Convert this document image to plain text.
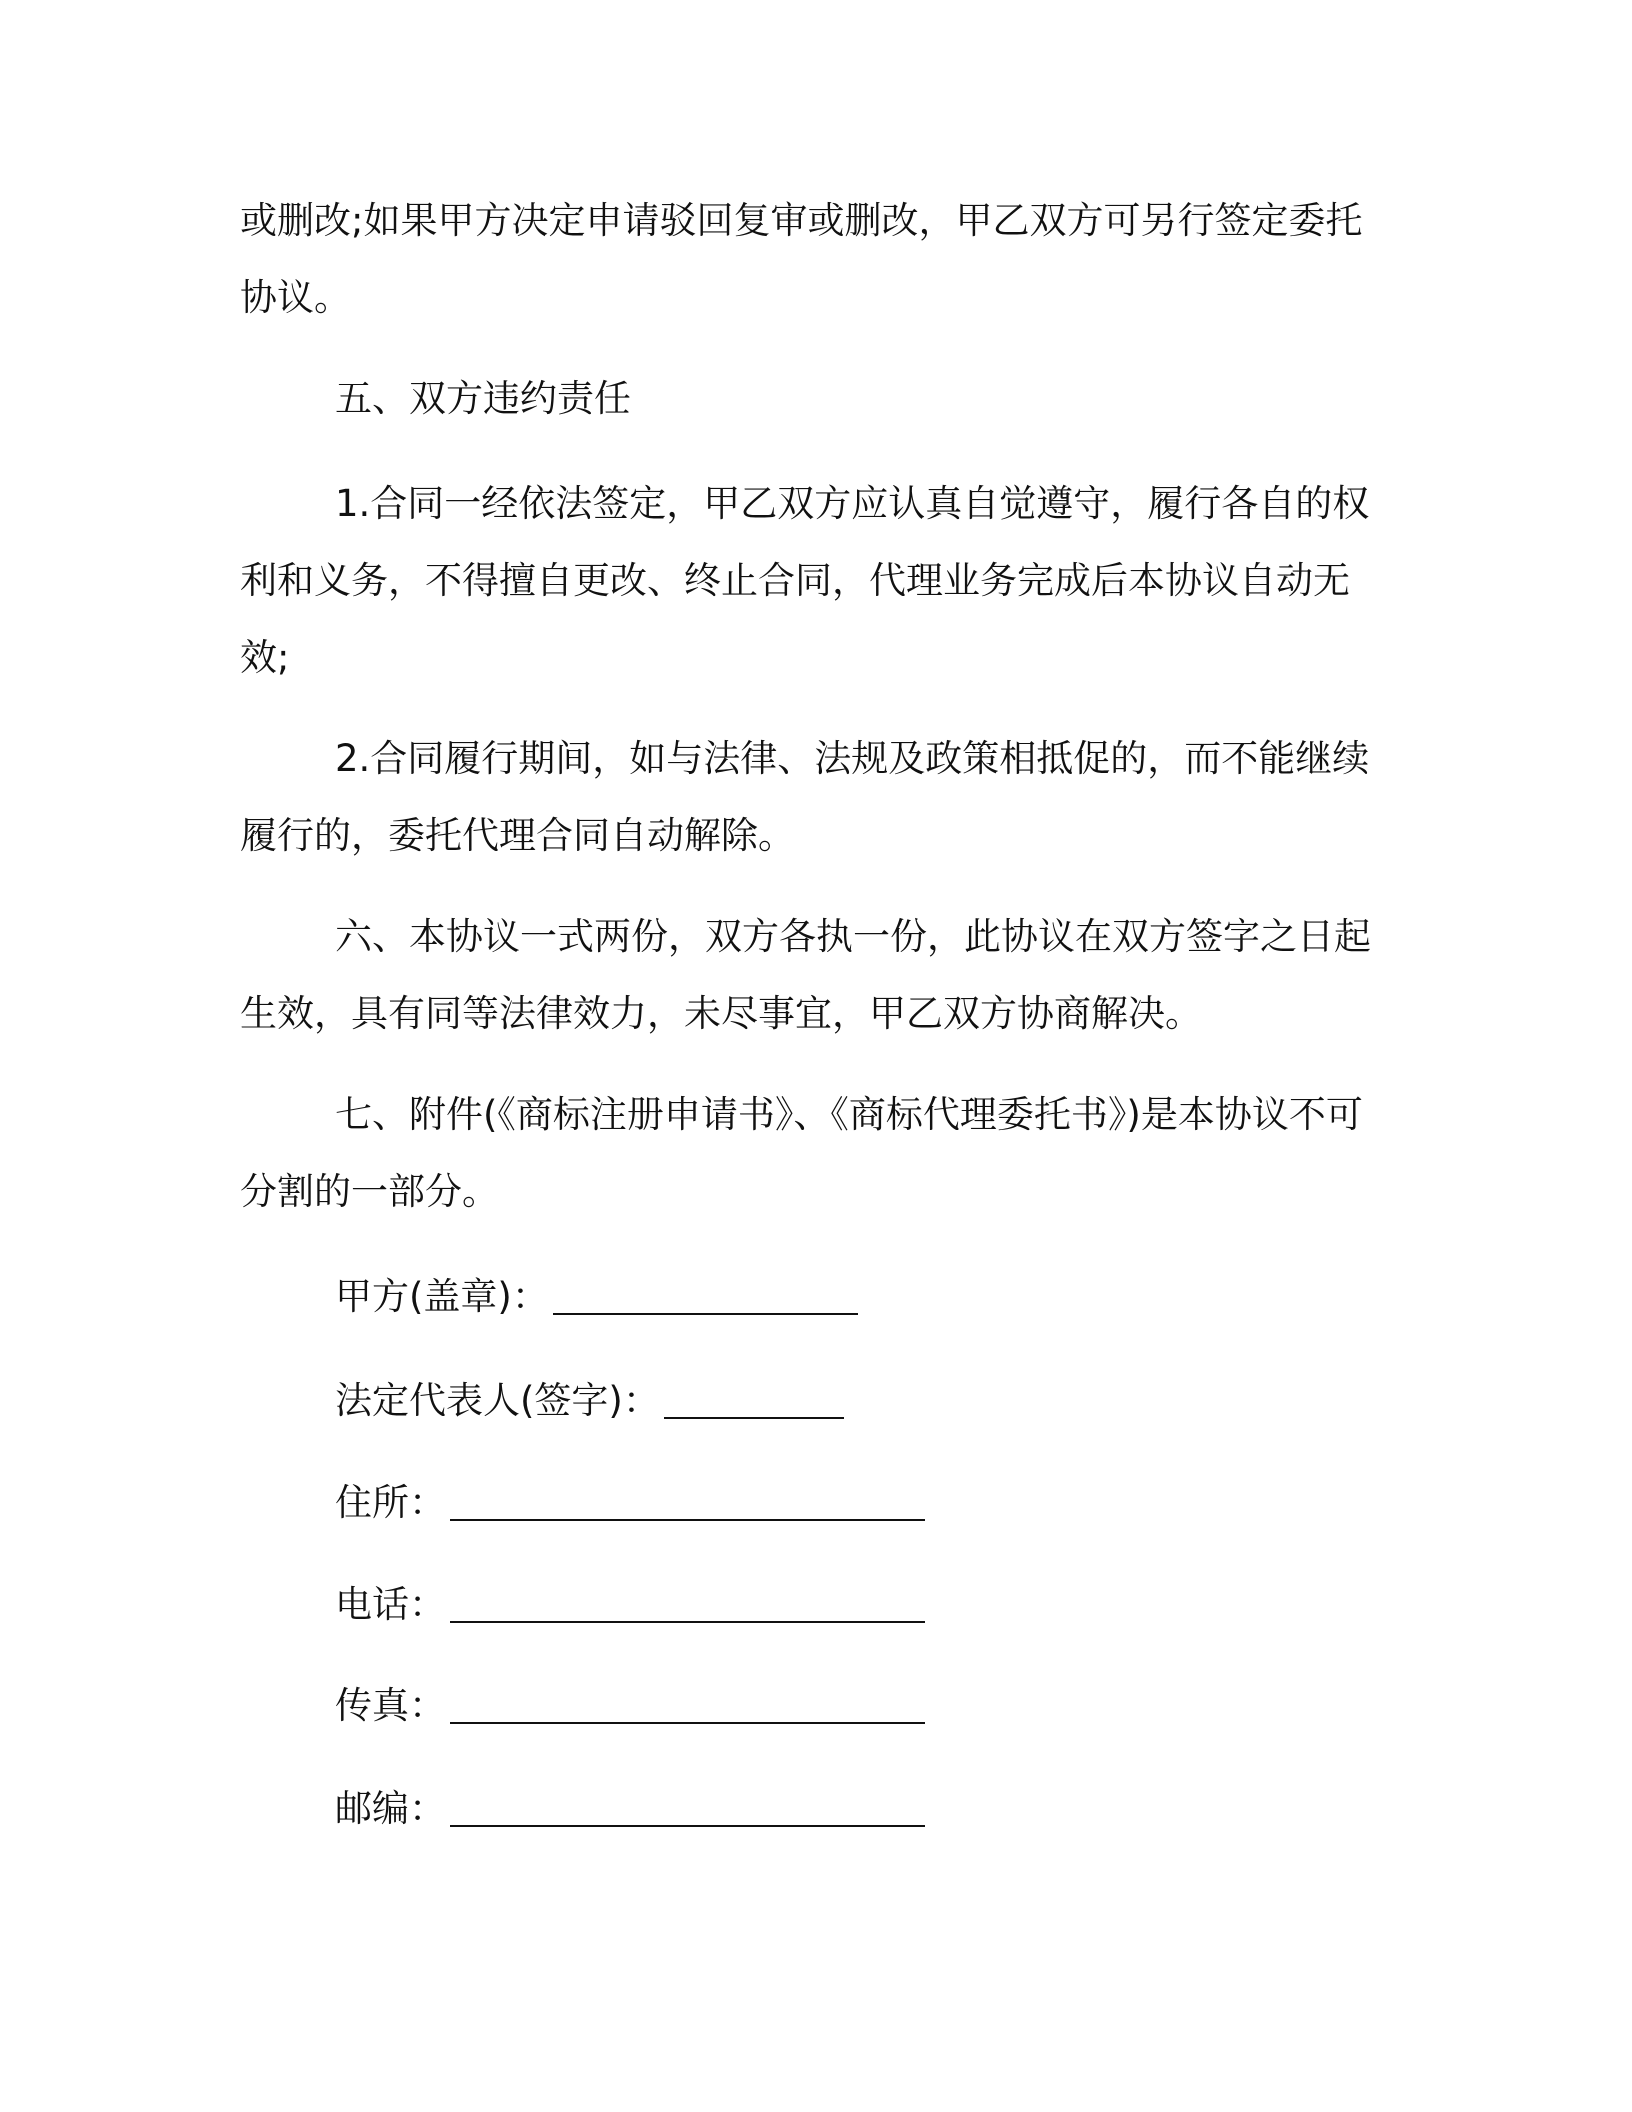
或删改;如果甲方决定申请驳回复审或删改，甲乙双方可另行签定委托协议。

五、双方违约责任

1.合同一经依法签定，甲乙双方应认真自觉遵守，履行各自的权利和义务，不得擅自更改、终止合同，代理业务完成后本协议自动无效;

2.合同履行期间，如与法律、法规及政策相抵促的，而不能继续履行的，委托代理合同自动解除。

六、本协议一式两份，双方各执一份，此协议在双方签字之日起生效，具有同等法律效力，未尽事宜，甲乙双方协商解决。

七、附件(《商标注册申请书》、《商标代理委托书》)是本协议不可分割的一部分。

甲方(盖章)：
法定代表人(签字)：
住所：
电话：
传真：
邮编：
